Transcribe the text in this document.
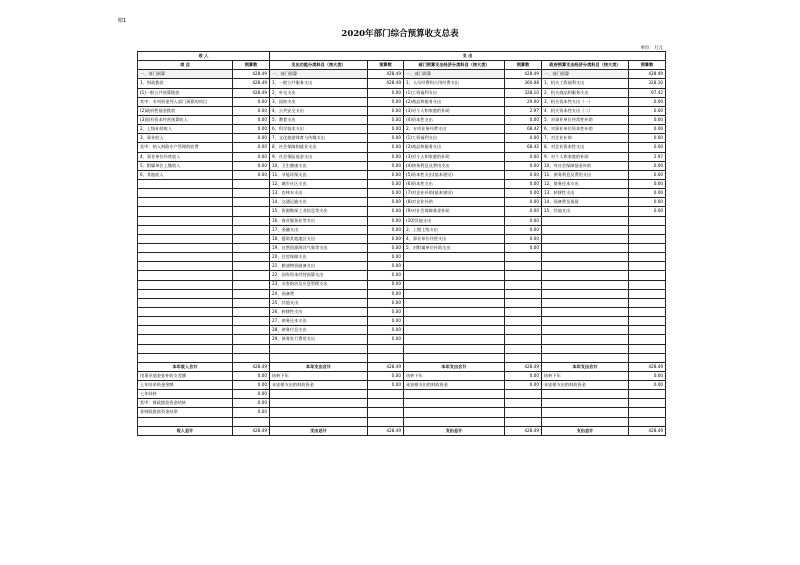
附1
2020年部门综合预算收支总表
单位：万元
收 入		支 出					
项 目	预算数	支出功能分类科目（按大类）	预算数	部门预算支出经济分类科目（按大类）	预算数	政府预算支出经济分类科目（按大类）	预算数
一、部门预算	428.49	一、部门预算	428.49	一、部门预算	428.49	一、部门预算	428.49
1、财政拨款	428.49	1、一般公共服务支出	428.49	1、人员经费和公用经费支出	360.08	1、机关工资福利支出	328.10
(1)一般公共预算拨款	428.49	2、外交支出	0.00	(1)工资福利支出	328.10	2、机关商品和服务支出	97.42
其中：专项资金列入部门预算的项目	0.00	3、国防支出	0.00	(2)商品和服务支出	29.00	3、机关资本性支出（一）	0.00
(2)政府性基金拨款	0.00	4、公共安全支出	0.00	(3)对个人和家庭的补助	2.97	4、机关资本性支出（二）	0.00
(3)国有资本经营预算收入	0.00	5、教育支出	0.00	(4)资本性支出	0.00	5、对事业单位经常性补助	0.00
2、上级补助收入	0.00	6、科学技术支出	0.00	2、专项业务经费支出	68.42	6、对事业单位资本性补助	0.00
3、事业收入	0.00	7、文化旅游体育与传媒支出	0.00	(1)工资福利支出	0.00	7、对企业补助	0.00
其中：纳入财政专户管理的收费	0.00	8、社会保障和就业支出	0.00	(2)商品和服务支出	68.42	8、对企业资本性支出	0.00
4、事业单位经营收入	0.00	9、社会保险基金支出	0.00	(3)对个人和家庭的补助	0.00	9、对个人和家庭的补助	2.97
5、附属单位上缴收入	0.00	10、卫生健康支出	0.00	(4)债务利息及费用支出	0.00	10、对社会保障基金补助	0.00
6、其他收入	0.00	11、节能环保支出	0.00	(5)资本性支出(基本建设)	0.00	11、债务利息及费用支出	0.00
		12、城乡社区支出	0.00	(6)资本性支出	0.00	12、债务还本支出	0.00
		13、农林水支出	0.00	(7)对企业补助(基本建设)	0.00	13、转移性支出	0.00
		14、交通运输支出	0.00	(8)对企业补助	0.00	14、预备费及预留	0.00
		15、资源勘探工业信息等支出	0.00	(9)对社会保障基金补助	0.00	15、其他支出	0.00
		16、商业服务业等支出	0.00	(10)其他支出	0.00		
		17、金融支出	0.00	3、上缴上级支出	0.00		
		18、援助其他地区支出	0.00	4、事业单位经营支出	0.00		
		19、自然资源海洋气象等支出	0.00	5、对附属单位补助支出	0.00		
		20、住房保障支出	0.00				
		21、粮油物资储备支出	0.00				
		22、国有资本经营预算支出	0.00				
		23、灾害防治及应急管理支出	0.00				
		24、预备费	0.00				
		25、其他支出	0.00				
		26、转移性支出	0.00				
		27、债务还本支出	0.00				
		28、债务付息支出	0.00				
		29、债务发行费用支出	0.00				

本年收入合计	428.49	本年支出合计	428.49	本年支出合计	428.49	本年支出合计	428.49
用事业基金弥补收支差额	0.00	结转下年	0.00	结转下年	0.00	结转下年	0.00
上年结余资金余额	0.00	未安排支出的财政资金	0.00	未安排支出的财政资金	0.00	未安排支出的财政资金	0.00
上年结转	0.00						
其中：财政拨款资金结转	0.00						
非财政拨款资金结余	0.00						

收入总计	428.49	支出总计	428.49	支出总计	428.49	支出总计	428.49
